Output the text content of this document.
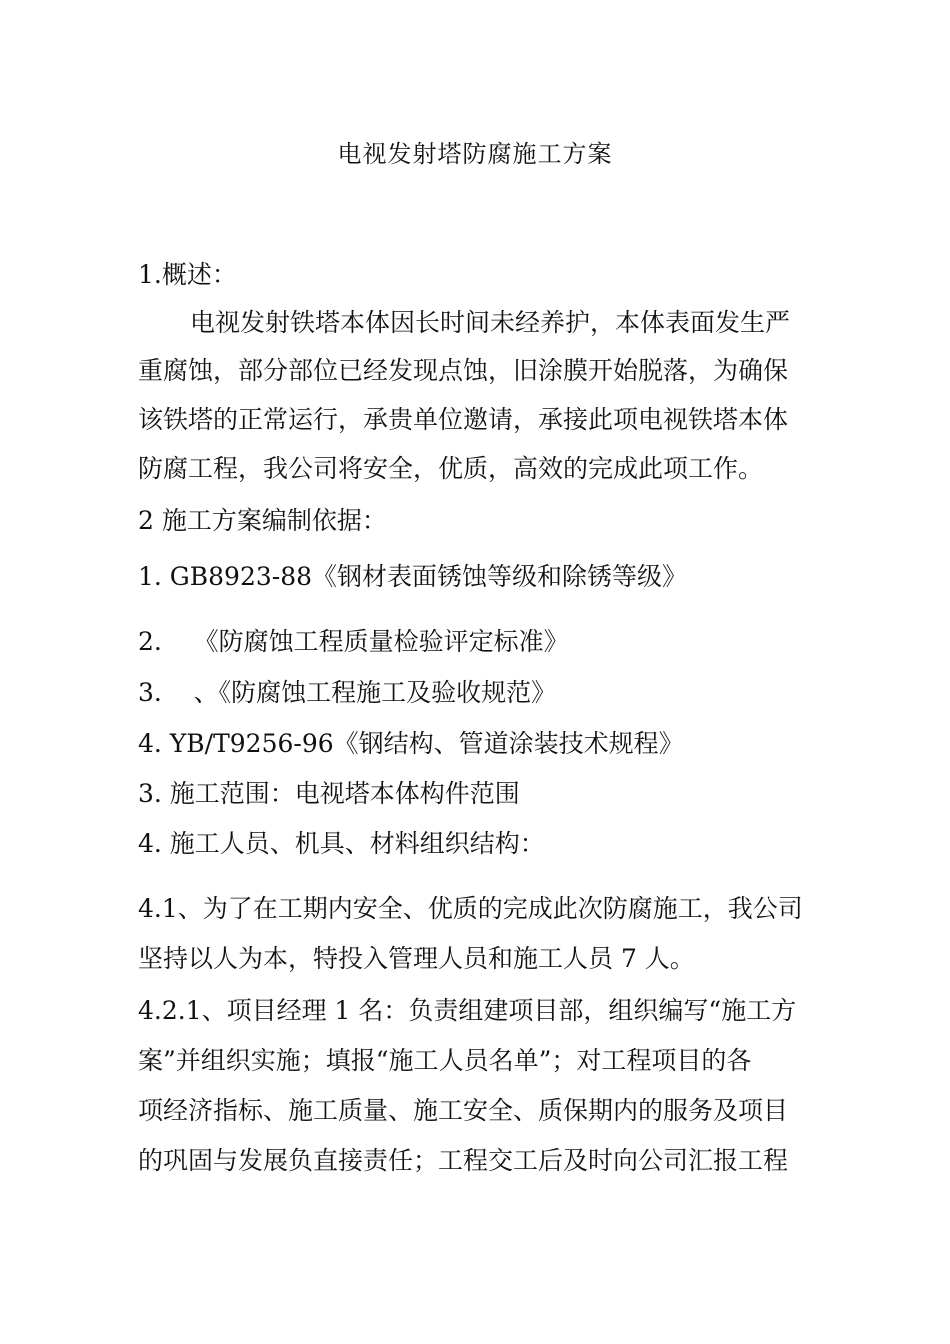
电视发射塔防腐施工方案
1.概述：
电视发射铁塔本体因长时间未经养护，本体表面发生严
重腐蚀，部分部位已经发现点蚀，旧涂膜开始脱落，为确保
该铁塔的正常运行，承贵单位邀请，承接此项电视铁塔本体
防腐工程，我公司将安全，优质，高效的完成此项工作。
2 施工方案编制依据：
1. GB8923-88《钢材表面锈蚀等级和除锈等级》
2.    《防腐蚀工程质量检验评定标准》
3.    、《防腐蚀工程施工及验收规范》
4. YB/T9256-96《钢结构、管道涂装技术规程》
3. 施工范围：电视塔本体构件范围
4. 施工人员、机具、材料组织结构：
4.1、为了在工期内安全、优质的完成此次防腐施工，我公司
坚持以人为本，特投入管理人员和施工人员 7 人。
4.2.1、项目经理 1 名：负责组建项目部，组织编写“施工方
案”并组织实施；填报“施工人员名单”；对工程项目的各
项经济指标、施工质量、施工安全、质保期内的服务及项目
的巩固与发展负直接责任；工程交工后及时向公司汇报工程
